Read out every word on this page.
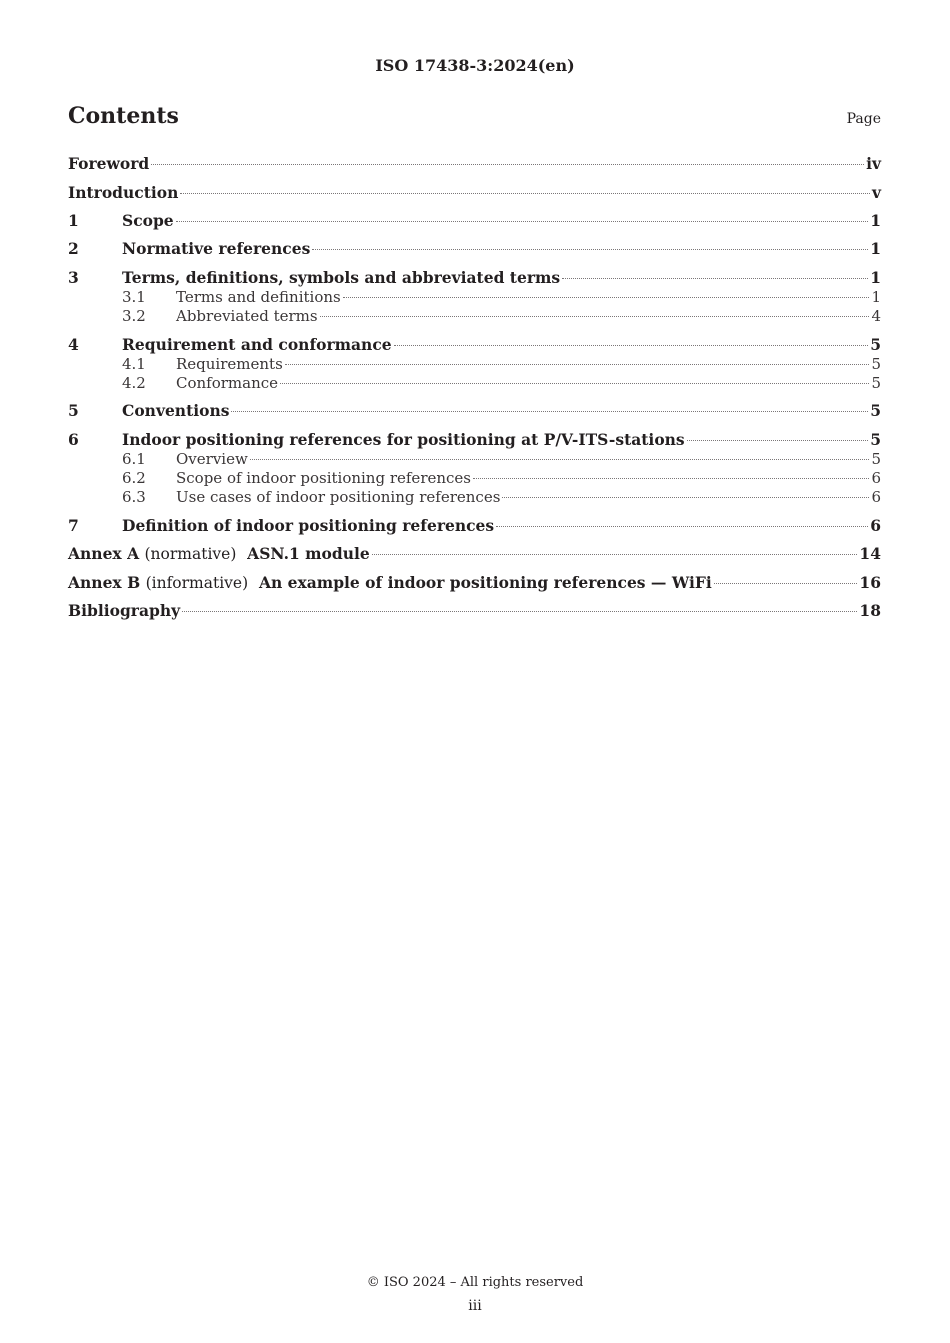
ISO 17438-3:2024(en)
Contents	Page
Foreword	iv
Introduction	v
1	Scope	1
2	Normative references	1
3	Terms, definitions, symbols and abbreviated terms	1
3.1	Terms and definitions	1
3.2	Abbreviated terms	4
4	Requirement and conformance	5
4.1	Requirements	5
4.2	Conformance	5
5	Conventions	5
6	Indoor positioning references for positioning at P/V-ITS-stations	5
6.1	Overview	5
6.2	Scope of indoor positioning references	6
6.3	Use cases of indoor positioning references	6
7	Definition of indoor positioning references	6
Annex A (normative) ASN.1 module	14
Annex B (informative) An example of indoor positioning references — WiFi	16
Bibliography	18
© ISO 2024 – All rights reserved
iii
